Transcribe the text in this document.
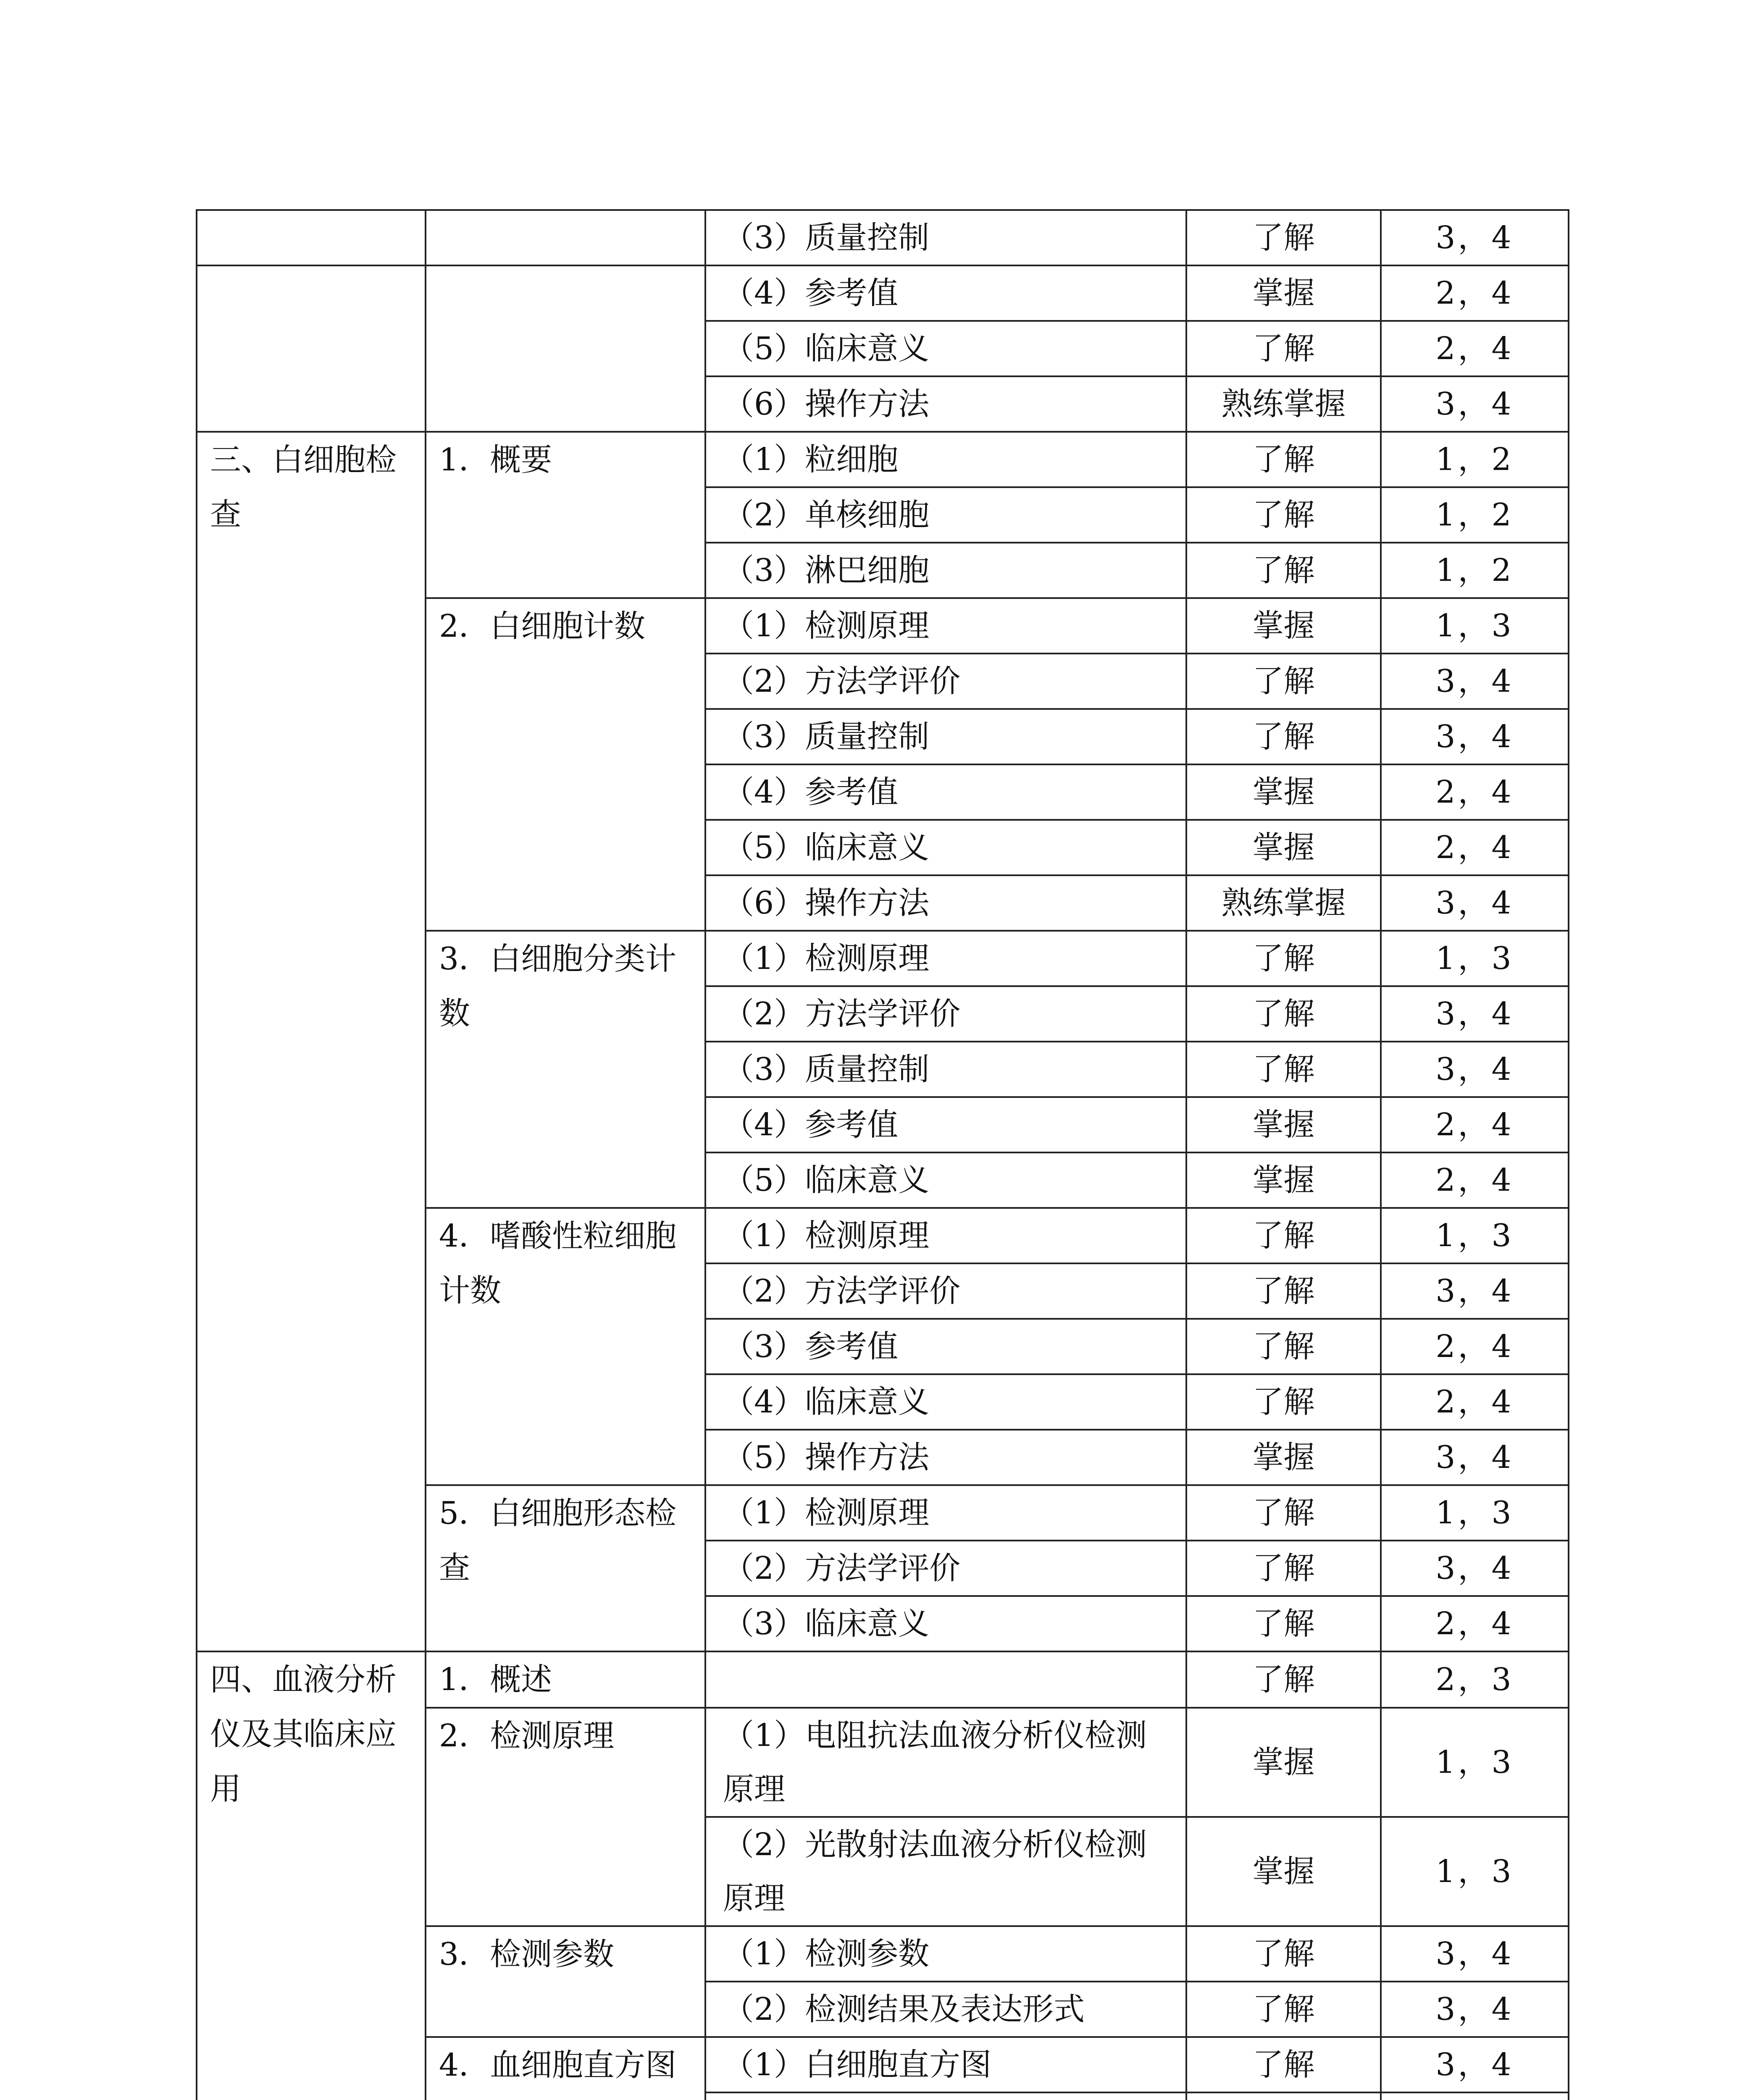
		（3）质量控制	了解	3，4
		（4）参考值	掌握	2，4
		（5）临床意义	了解	2，4
		（6）操作方法	熟练掌握	3，4
三、白细胞检查	1．概要	（1）粒细胞	了解	1，2
		（2）单核细胞	了解	1，2
		（3）淋巴细胞	了解	1，2
	2．白细胞计数	（1）检测原理	掌握	1，3
		（2）方法学评价	了解	3，4
		（3）质量控制	了解	3，4
		（4）参考值	掌握	2，4
		（5）临床意义	掌握	2，4
		（6）操作方法	熟练掌握	3，4
	3．白细胞分类计数	（1）检测原理	了解	1，3
		（2）方法学评价	了解	3，4
		（3）质量控制	了解	3，4
		（4）参考值	掌握	2，4
		（5）临床意义	掌握	2，4
	4．嗜酸性粒细胞计数	（1）检测原理	了解	1，3
		（2）方法学评价	了解	3，4
		（3）参考值	了解	2，4
		（4）临床意义	了解	2，4
		（5）操作方法	掌握	3，4
	5．白细胞形态检查	（1）检测原理	了解	1，3
		（2）方法学评价	了解	3，4
		（3）临床意义	了解	2，4
四、血液分析仪及其临床应用	1．概述		了解	2，3
	2．检测原理	（1）电阻抗法血液分析仪检测原理	掌握	1，3
		（2）光散射法血液分析仪检测原理	掌握	1，3
	3．检测参数	（1）检测参数	了解	3，4
		（2）检测结果及表达形式	了解	3，4
	4．血细胞直方图	（1）白细胞直方图	了解	3，4
